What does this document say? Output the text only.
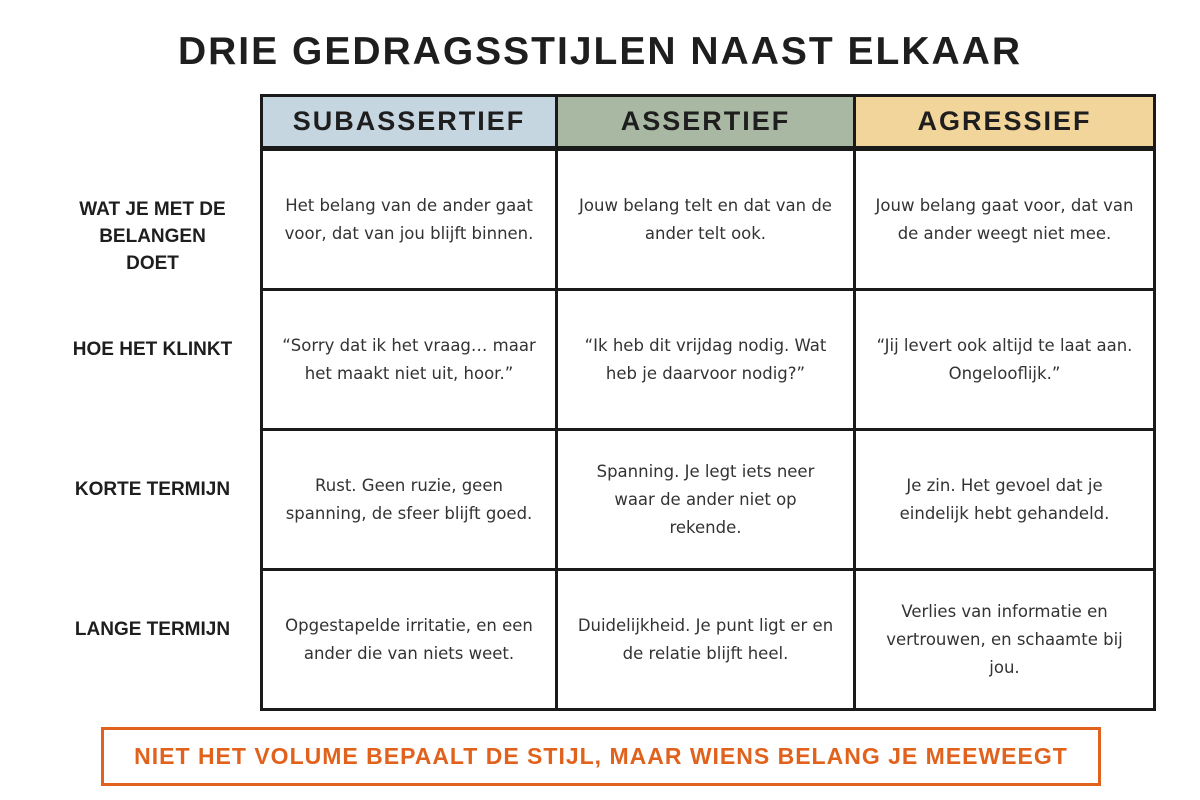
DRIE GEDRAGSSTIJLEN NAAST ELKAAR
SUBASSERTIEF	ASSERTIEF	AGRESSIEF
Het belang van de ander gaat voor, dat van jou blijft binnen.
Jouw belang telt en dat van de ander telt ook.
Jouw belang gaat voor, dat van de ander weegt niet mee.
“Sorry dat ik het vraag… maar het maakt niet uit, hoor.”
“Ik heb dit vrijdag nodig. Wat heb je daarvoor nodig?”
“Jij levert ook altijd te laat aan. Ongelooflijk.”
Rust. Geen ruzie, geen spanning, de sfeer blijft goed.
Spanning. Je legt iets neer waar de ander niet op rekende.
Je zin. Het gevoel dat je eindelijk hebt gehandeld.
Opgestapelde irritatie, en een ander die van niets weet.
Duidelijkheid. Je punt ligt er en de relatie blijft heel.
Verlies van informatie en vertrouwen, en schaamte bij jou.
WAT JE MET DE BELANGEN DOET
HOE HET KLINKT
KORTE TERMIJN
LANGE TERMIJN
NIET HET VOLUME BEPAALT DE STIJL, MAAR WIENS BELANG JE MEEWEEGT
